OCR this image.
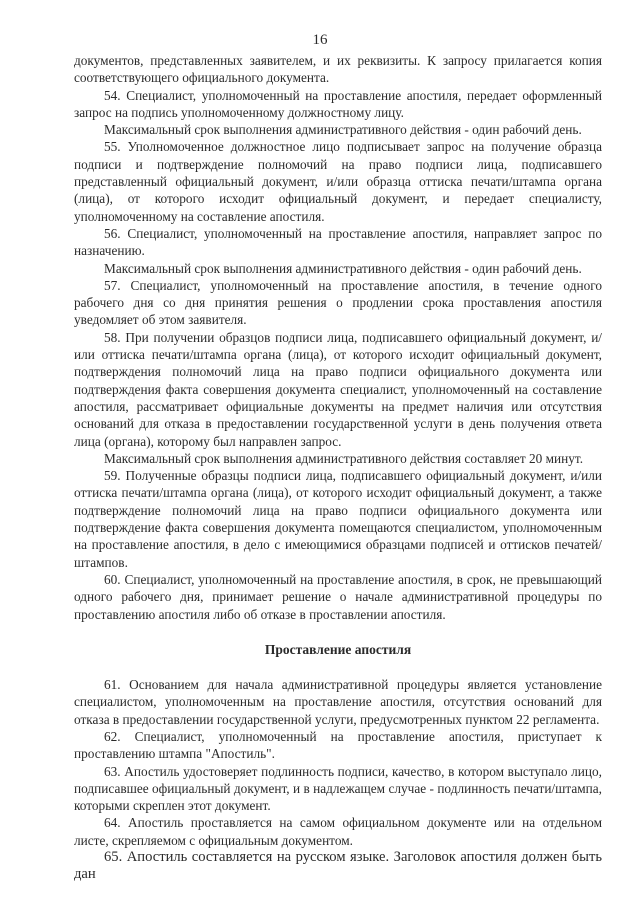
16

документов, представленных заявителем, и их реквизиты. К запросу прилагается копия соответствующего официального документа.

54. Специалист, уполномоченный на проставление апостиля, передает оформленный запрос на подпись уполномоченному должностному лицу.

Максимальный срок выполнения административного действия - один рабочий день.

55. Уполномоченное должностное лицо подписывает запрос на получение образца подписи и подтверждение полномочий на право подписи лица, подписавшего представленный официальный документ, и/или образца оттиска печати/штампа органа (лица), от которого исходит официальный документ, и передает специалисту, уполномоченному на составление апостиля.

56. Специалист, уполномоченный на проставление апостиля, направляет запрос по назначению.

Максимальный срок выполнения административного действия - один рабочий день.

57. Специалист, уполномоченный на проставление апостиля, в течение одного рабочего дня со дня принятия решения о продлении срока проставления апостиля уведомляет об этом заявителя.

58. При получении образцов подписи лица, подписавшего официальный документ, и/или оттиска печати/штампа органа (лица), от которого исходит официальный документ, подтверждения полномочий лица на право подписи официального документа или подтверждения факта совершения документа специалист, уполномоченный на составление апостиля, рассматривает официальные документы на предмет наличия или отсутствия оснований для отказа в предоставлении государственной услуги в день получения ответа лица (органа), которому был направлен запрос.

Максимальный срок выполнения административного действия составляет 20 минут.

59. Полученные образцы подписи лица, подписавшего официальный документ, и/или оттиска печати/штампа органа (лица), от которого исходит официальный документ, а также подтверждение полномочий лица на право подписи официального документа или подтверждение факта совершения документа помещаются специалистом, уполномоченным на проставление апостиля, в дело с имеющимися образцами подписей и оттисков печатей/штампов.

60. Специалист, уполномоченный на проставление апостиля, в срок, не превышающий одного рабочего дня, принимает решение о начале административной процедуры по проставлению апостиля либо об отказе в проставлении апостиля.

Проставление апостиля

61. Основанием для начала административной процедуры является установление специалистом, уполномоченным на проставление апостиля, отсутствия оснований для отказа в предоставлении государственной услуги, предусмотренных пунктом 22 регламента.

62. Специалист, уполномоченный на проставление апостиля, приступает к проставлению штампа "Апостиль".

63. Апостиль удостоверяет подлинность подписи, качество, в котором выступало лицо, подписавшее официальный документ, и в надлежащем случае - подлинность печати/штампа, которыми скреплен этот документ.

64. Апостиль проставляется на самом официальном документе или на отдельном листе, скрепляемом с официальным документом.

65. Апостиль составляется на русском языке. Заголовок апостиля должен быть дан
